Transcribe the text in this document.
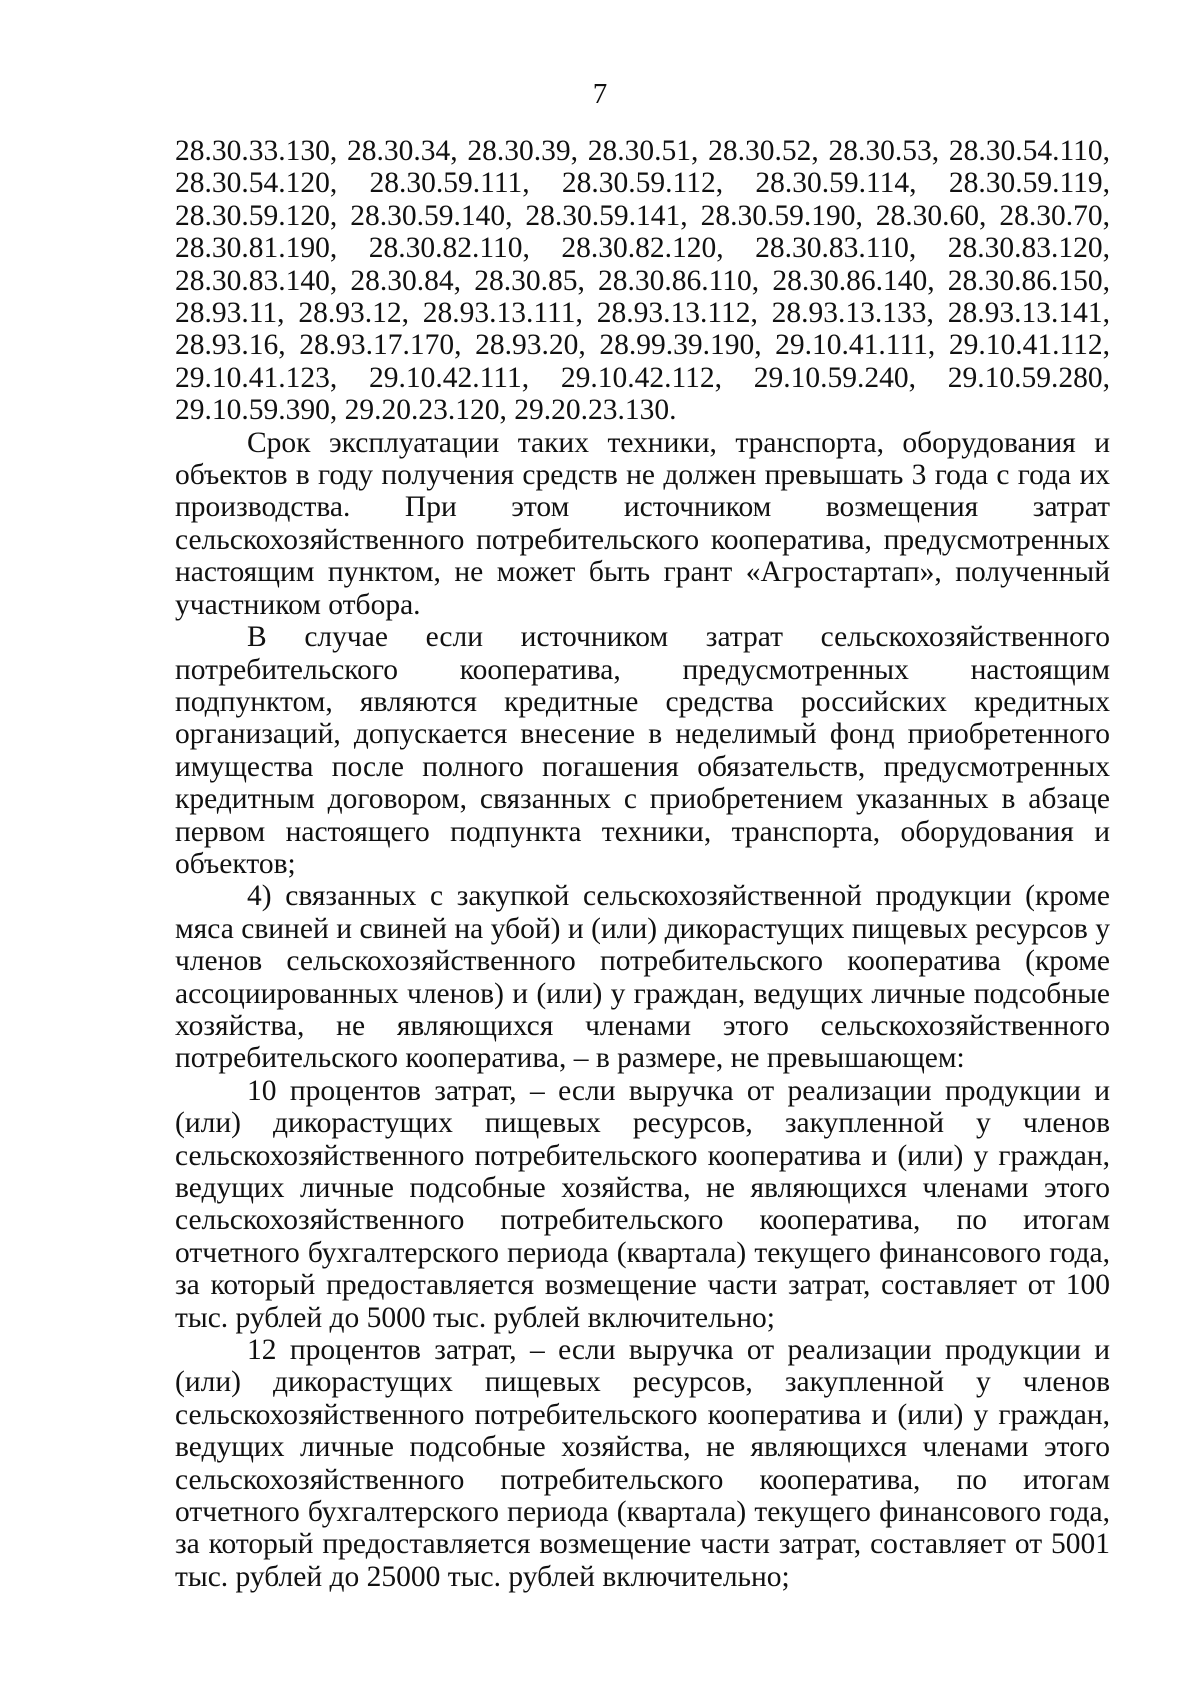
7
28.30.33.130, 28.30.34, 28.30.39, 28.30.51, 28.30.52, 28.30.53, 28.30.54.110,
28.30.54.120, 28.30.59.111, 28.30.59.112, 28.30.59.114, 28.30.59.119,
28.30.59.120, 28.30.59.140, 28.30.59.141, 28.30.59.190, 28.30.60, 28.30.70,
28.30.81.190, 28.30.82.110, 28.30.82.120, 28.30.83.110, 28.30.83.120,
28.30.83.140, 28.30.84, 28.30.85, 28.30.86.110, 28.30.86.140, 28.30.86.150,
28.93.11, 28.93.12, 28.93.13.111, 28.93.13.112, 28.93.13.133, 28.93.13.141,
28.93.16, 28.93.17.170, 28.93.20, 28.99.39.190, 29.10.41.111, 29.10.41.112,
29.10.41.123, 29.10.42.111, 29.10.42.112, 29.10.59.240, 29.10.59.280,
29.10.59.390, 29.20.23.120, 29.20.23.130.

Срок эксплуатации таких техники, транспорта, оборудования и объектов в году получения средств не должен превышать 3 года с года их производства. При этом источником возмещения затрат сельскохозяйственного потребительского кооператива, предусмотренных настоящим пунктом, не может быть грант «Агростартап», полученный участником отбора.

В случае если источником затрат сельскохозяйственного потребительского кооператива, предусмотренных настоящим подпунктом, являются кредитные средства российских кредитных организаций, допускается внесение в неделимый фонд приобретенного имущества после полного погашения обязательств, предусмотренных кредитным договором, связанных с приобретением указанных в абзаце первом настоящего подпункта техники, транспорта, оборудования и объектов;

4) связанных с закупкой сельскохозяйственной продукции (кроме мяса свиней и свиней на убой) и (или) дикорастущих пищевых ресурсов у членов сельскохозяйственного потребительского кооператива (кроме ассоциированных членов) и (или) у граждан, ведущих личные подсобные хозяйства, не являющихся членами этого сельскохозяйственного потребительского кооператива, – в размере, не превышающем:

10 процентов затрат, – если выручка от реализации продукции и (или) дикорастущих пищевых ресурсов, закупленной у членов сельскохозяйственного потребительского кооператива и (или) у граждан, ведущих личные подсобные хозяйства, не являющихся членами этого сельскохозяйственного потребительского кооператива, по итогам отчетного бухгалтерского периода (квартала) текущего финансового года, за который предоставляется возмещение части затрат, составляет от 100 тыс. рублей до 5000 тыс. рублей включительно;

12 процентов затрат, – если выручка от реализации продукции и (или) дикорастущих пищевых ресурсов, закупленной у членов сельскохозяйственного потребительского кооператива и (или) у граждан, ведущих личные подсобные хозяйства, не являющихся членами этого сельскохозяйственного потребительского кооператива, по итогам отчетного бухгалтерского периода (квартала) текущего финансового года, за который предоставляется возмещение части затрат, составляет от 5001 тыс. рублей до 25000 тыс. рублей включительно;
